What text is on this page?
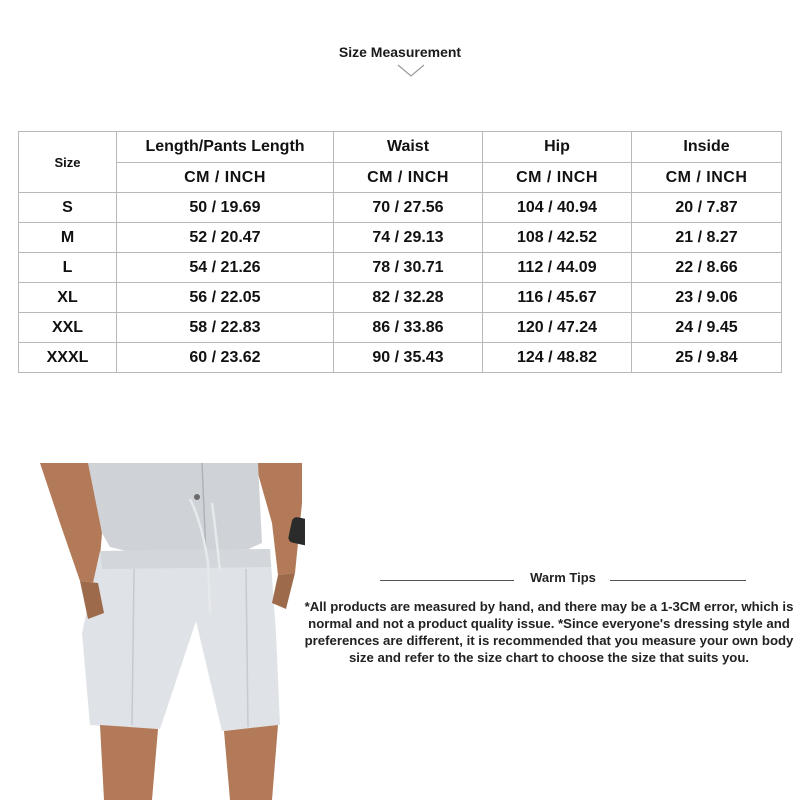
Size Measurement
Size	Length/Pants Length	Waist	Hip	Inside
	CM / INCH	CM / INCH	CM / INCH	CM / INCH
S	50 / 19.69	70 / 27.56	104 / 40.94	20 / 7.87
M	52 / 20.47	74 / 29.13	108 / 42.52	21 / 8.27
L	54 / 21.26	78 / 30.71	112 / 44.09	22 / 8.66
XL	56 / 22.05	82 / 32.28	116 / 45.67	23 / 9.06
XXL	58 / 22.83	86 / 33.86	120 / 47.24	24 / 9.45
XXXL	60 / 23.62	90 / 35.43	124 / 48.82	25 / 9.84
Warm Tips
*All products are measured by hand, and there may be a 1-3CM error, which is normal and not a product quality issue. *Since everyone's dressing style and preferences are different, it is recommended that you measure your own body size and refer to the size chart to choose the size that suits you.
